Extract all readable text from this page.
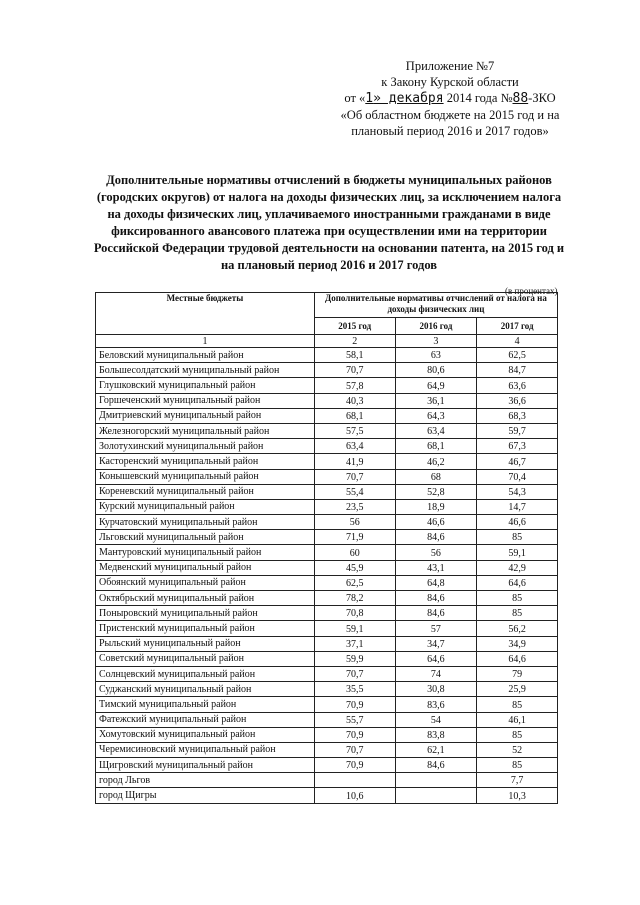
Приложение №7
к Закону Курской области
от «1» декабря 2014 года №88-ЗКО
«Об областном бюджете на 2015 год и на
плановый период 2016 и 2017 годов»
Дополнительные нормативы отчислений в бюджеты муниципальных районов (городских округов) от налога на доходы физических лиц, за исключением налога на доходы физических лиц, уплачиваемого иностранными гражданами в виде фиксированного авансового платежа при осуществлении ими на территории Российской Федерации трудовой деятельности на основании патента, на 2015 год и на плановый период 2016 и 2017 годов
(в процентах)
Местные бюджеты	Дополнительные нормативы отчислений от налога на доходы физических лиц		
	2015 год	2016 год	2017 год
1	2	3	4
Беловский муниципальный район	58,1	63	62,5
Большесолдатский муниципальный район	70,7	80,6	84,7
Глушковский муниципальный район	57,8	64,9	63,6
Горшеченский муниципальный район	40,3	36,1	36,6
Дмитриевский муниципальный район	68,1	64,3	68,3
Железногорский муниципальный район	57,5	63,4	59,7
Золотухинский муниципальный район	63,4	68,1	67,3
Касторенский муниципальный район	41,9	46,2	46,7
Конышевский муниципальный район	70,7	68	70,4
Кореневский муниципальный район	55,4	52,8	54,3
Курский муниципальный район	23,5	18,9	14,7
Курчатовский муниципальный район	56	46,6	46,6
Льговский муниципальный район	71,9	84,6	85
Мантуровский муниципальный район	60	56	59,1
Медвенский муниципальный район	45,9	43,1	42,9
Обоянский муниципальный район	62,5	64,8	64,6
Октябрьский муниципальный район	78,2	84,6	85
Поныровский муниципальный район	70,8	84,6	85
Пристенский муниципальный район	59,1	57	56,2
Рыльский муниципальный район	37,1	34,7	34,9
Советский муниципальный район	59,9	64,6	64,6
Солнцевский муниципальный район	70,7	74	79
Суджанский муниципальный район	35,5	30,8	25,9
Тимский муниципальный район	70,9	83,6	85
Фатежский муниципальный район	55,7	54	46,1
Хомутовский муниципальный район	70,9	83,8	85
Черемисиновский муниципальный район	70,7	62,1	52
Щигровский муниципальный район	70,9	84,6	85
город Льгов			7,7
город Щигры	10,6		10,3
